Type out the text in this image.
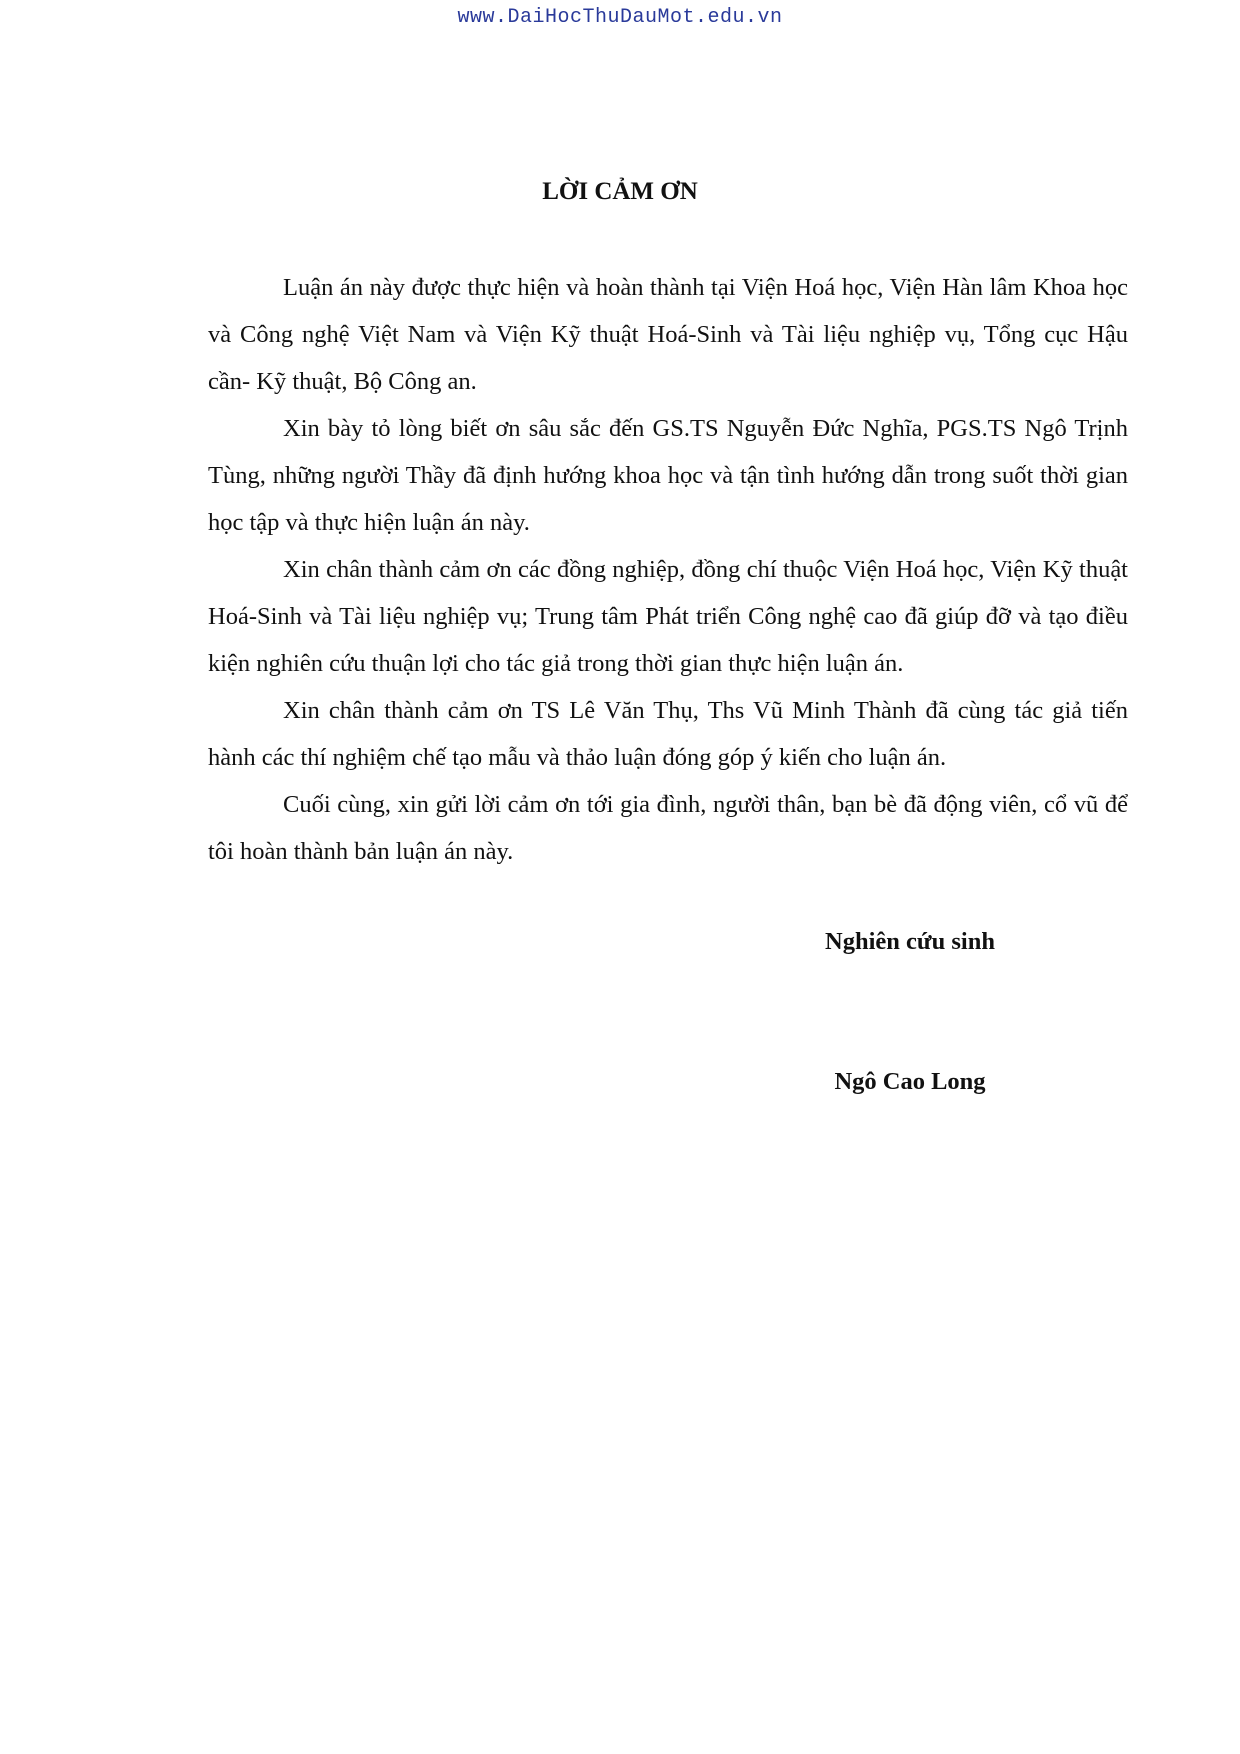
www.DaiHocThuDauMot.edu.vn
LỜI CẢM ƠN

Luận án này được thực hiện và hoàn thành tại Viện Hoá học, Viện Hàn lâm Khoa học và Công nghệ Việt Nam và Viện Kỹ thuật Hoá-Sinh và Tài liệu nghiệp vụ, Tổng cục Hậu cần- Kỹ thuật, Bộ Công an.

Xin bày tỏ lòng biết ơn sâu sắc đến GS.TS Nguyễn Đức Nghĩa, PGS.TS Ngô Trịnh Tùng, những người Thầy đã định hướng khoa học và tận tình hướng dẫn trong suốt thời gian học tập và thực hiện luận án này.

Xin chân thành cảm ơn các đồng nghiệp, đồng chí thuộc Viện Hoá học, Viện Kỹ thuật Hoá-Sinh và Tài liệu nghiệp vụ; Trung tâm Phát triển Công nghệ cao đã giúp đỡ và tạo điều kiện nghiên cứu thuận lợi cho tác giả trong thời gian thực hiện luận án.

Xin chân thành cảm ơn TS Lê Văn Thụ, Ths Vũ Minh Thành đã cùng tác giả tiến hành các thí nghiệm chế tạo mẫu và thảo luận đóng góp ý kiến cho luận án.

Cuối cùng, xin gửi lời cảm ơn tới gia đình, người thân, bạn bè đã động viên, cổ vũ để tôi hoàn thành bản luận án này.

Nghiên cứu sinh
Ngô Cao Long
